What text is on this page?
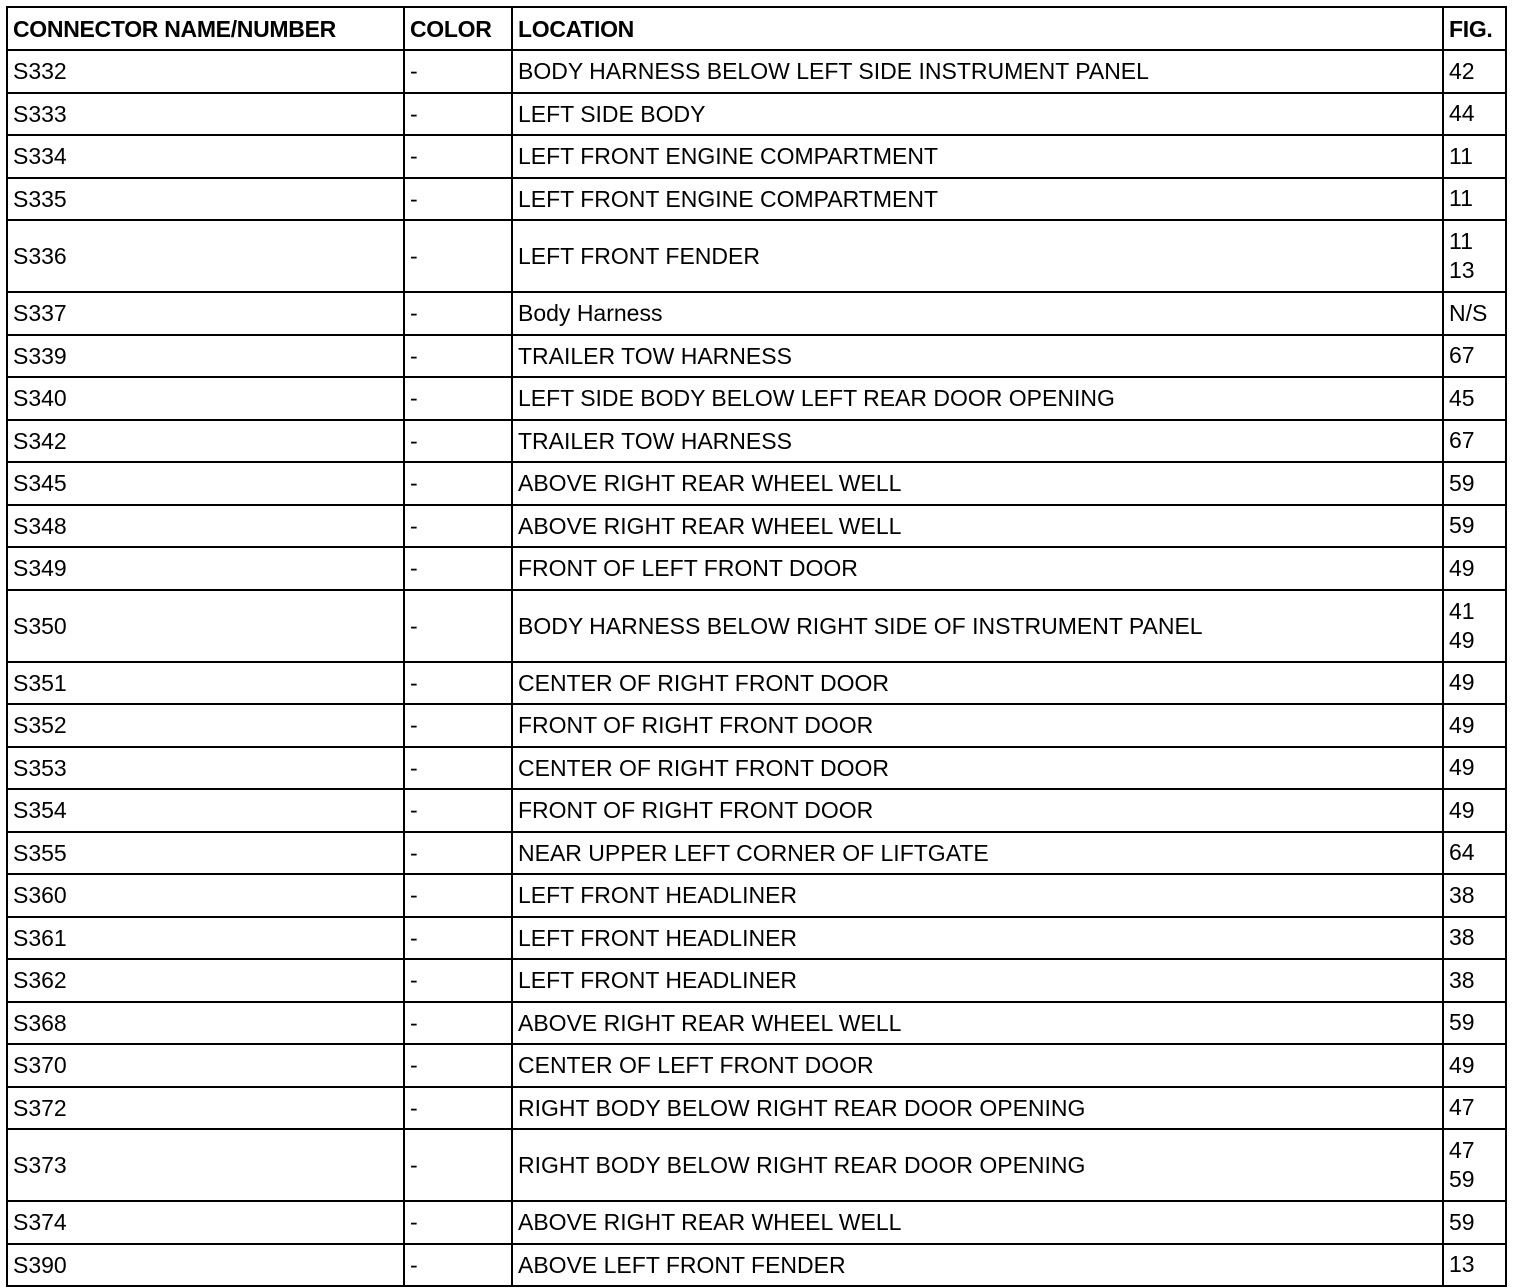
CONNECTOR NAME/NUMBER	COLOR	LOCATION	FIG.
S332	-	BODY HARNESS BELOW LEFT SIDE INSTRUMENT PANEL	42

S333	-	LEFT SIDE BODY	44

S334	-	LEFT FRONT ENGINE COMPARTMENT	11

S335	-	LEFT FRONT ENGINE COMPARTMENT	11

S336	-	LEFT FRONT FENDER	11
13

S337	-	Body Harness	N/S

S339	-	TRAILER TOW HARNESS	67

S340	-	LEFT SIDE BODY BELOW LEFT REAR DOOR OPENING	45

S342	-	TRAILER TOW HARNESS	67

S345	-	ABOVE RIGHT REAR WHEEL WELL	59

S348	-	ABOVE RIGHT REAR WHEEL WELL	59

S349	-	FRONT OF LEFT FRONT DOOR	49

S350	-	BODY HARNESS BELOW RIGHT SIDE OF INSTRUMENT PANEL	41
49

S351	-	CENTER OF RIGHT FRONT DOOR	49

S352	-	FRONT OF RIGHT FRONT DOOR	49

S353	-	CENTER OF RIGHT FRONT DOOR	49

S354	-	FRONT OF RIGHT FRONT DOOR	49

S355	-	NEAR UPPER LEFT CORNER OF LIFTGATE	64

S360	-	LEFT FRONT HEADLINER	38

S361	-	LEFT FRONT HEADLINER	38

S362	-	LEFT FRONT HEADLINER	38

S368	-	ABOVE RIGHT REAR WHEEL WELL	59

S370	-	CENTER OF LEFT FRONT DOOR	49

S372	-	RIGHT BODY BELOW RIGHT REAR DOOR OPENING	47

S373	-	RIGHT BODY BELOW RIGHT REAR DOOR OPENING	47
59

S374	-	ABOVE RIGHT REAR WHEEL WELL	59

S390	-	ABOVE LEFT FRONT FENDER	13
